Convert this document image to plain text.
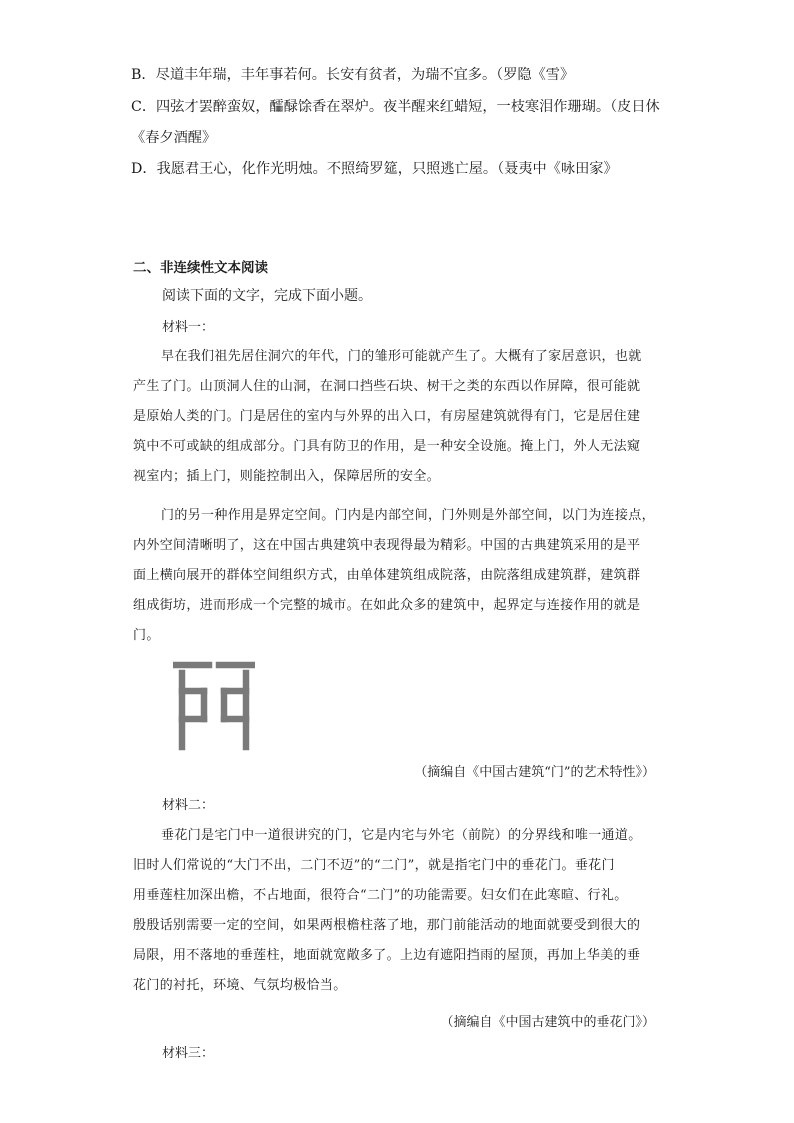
B．尽道丰年瑞，丰年事若何。长安有贫者，为瑞不宜多。（罗隐《雪》
C．四弦才罢醉蛮奴，醽醁馀香在翠炉。夜半醒来红蜡短，一枝寒泪作珊瑚。（皮日休
《春夕酒醒》
D．我愿君王心，化作光明烛。不照绮罗筵，只照逃亡屋。（聂夷中《咏田家》
二、非连续性文本阅读
阅读下面的文字，完成下面小题。
材料一：
早在我们祖先居住洞穴的年代，门的雏形可能就产生了。大概有了家居意识，也就
产生了门。山顶洞人住的山洞，在洞口挡些石块、树干之类的东西以作屏障，很可能就
是原始人类的门。门是居住的室内与外界的出入口，有房屋建筑就得有门，它是居住建
筑中不可或缺的组成部分。门具有防卫的作用，是一种安全设施。掩上门，外人无法窥
视室内；插上门，则能控制出入，保障居所的安全。
门的另一种作用是界定空间。门内是内部空间，门外则是外部空间，以门为连接点，
内外空间清晰明了，这在中国古典建筑中表现得最为精彩。中国的古典建筑采用的是平
面上横向展开的群体空间组织方式，由单体建筑组成院落，由院落组成建筑群，建筑群
组成街坊，进而形成一个完整的城市。在如此众多的建筑中，起界定与连接作用的就是
门。
（摘编自《中国古建筑“门”的艺术特性》）
材料二：
垂花门是宅门中一道很讲究的门，它是内宅与外宅（前院）的分界线和唯一通道。
旧时人们常说的“大门不出，二门不迈”的“二门”，就是指宅门中的垂花门。垂花门
用垂莲柱加深出檐，不占地面，很符合“二门”的功能需要。妇女们在此寒暄、行礼。
殷殷话别需要一定的空间，如果两根檐柱落了地，那门前能活动的地面就要受到很大的
局限，用不落地的垂莲柱，地面就宽敞多了。上边有遮阳挡雨的屋顶，再加上华美的垂
花门的衬托，环境、气氛均极恰当。
（摘编自《中国古建筑中的垂花门》）
材料三：
